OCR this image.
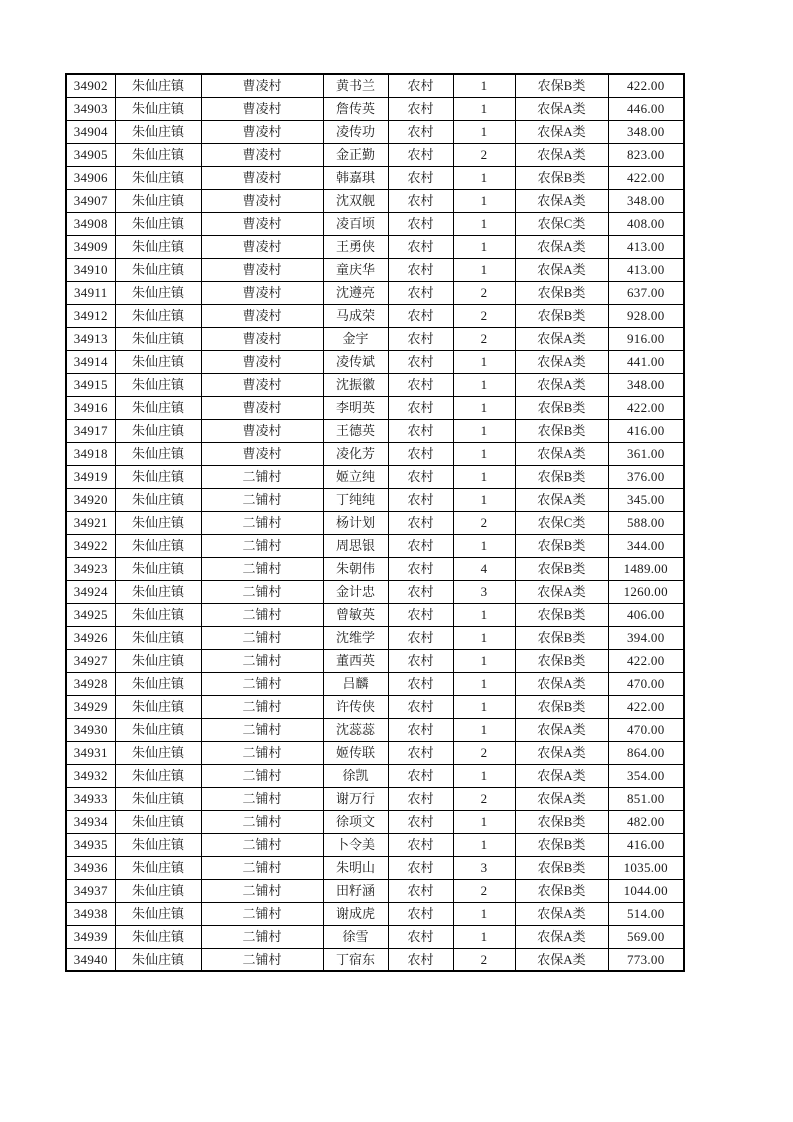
34902	朱仙庄镇	曹凌村	黄书兰	农村	1	农保B类	422.00
34903	朱仙庄镇	曹凌村	詹传英	农村	1	农保A类	446.00
34904	朱仙庄镇	曹凌村	凌传功	农村	1	农保A类	348.00
34905	朱仙庄镇	曹凌村	金正勤	农村	2	农保A类	823.00
34906	朱仙庄镇	曹凌村	韩嘉琪	农村	1	农保B类	422.00
34907	朱仙庄镇	曹凌村	沈双舰	农村	1	农保A类	348.00
34908	朱仙庄镇	曹凌村	凌百顷	农村	1	农保C类	408.00
34909	朱仙庄镇	曹凌村	王勇侠	农村	1	农保A类	413.00
34910	朱仙庄镇	曹凌村	童庆华	农村	1	农保A类	413.00
34911	朱仙庄镇	曹凌村	沈遵亮	农村	2	农保B类	637.00
34912	朱仙庄镇	曹凌村	马成荣	农村	2	农保B类	928.00
34913	朱仙庄镇	曹凌村	金宇	农村	2	农保A类	916.00
34914	朱仙庄镇	曹凌村	凌传斌	农村	1	农保A类	441.00
34915	朱仙庄镇	曹凌村	沈振徽	农村	1	农保A类	348.00
34916	朱仙庄镇	曹凌村	李明英	农村	1	农保B类	422.00
34917	朱仙庄镇	曹凌村	王德英	农村	1	农保B类	416.00
34918	朱仙庄镇	曹凌村	凌化芳	农村	1	农保A类	361.00
34919	朱仙庄镇	二铺村	姬立纯	农村	1	农保B类	376.00
34920	朱仙庄镇	二铺村	丁纯纯	农村	1	农保A类	345.00
34921	朱仙庄镇	二铺村	杨计划	农村	2	农保C类	588.00
34922	朱仙庄镇	二铺村	周思银	农村	1	农保B类	344.00
34923	朱仙庄镇	二铺村	朱朝伟	农村	4	农保B类	1489.00
34924	朱仙庄镇	二铺村	金计忠	农村	3	农保A类	1260.00
34925	朱仙庄镇	二铺村	曾敏英	农村	1	农保B类	406.00
34926	朱仙庄镇	二铺村	沈维学	农村	1	农保B类	394.00
34927	朱仙庄镇	二铺村	董西英	农村	1	农保B类	422.00
34928	朱仙庄镇	二铺村	吕麟	农村	1	农保A类	470.00
34929	朱仙庄镇	二铺村	许传侠	农村	1	农保B类	422.00
34930	朱仙庄镇	二铺村	沈蕊蕊	农村	1	农保A类	470.00
34931	朱仙庄镇	二铺村	姬传联	农村	2	农保A类	864.00
34932	朱仙庄镇	二铺村	徐凯	农村	1	农保A类	354.00
34933	朱仙庄镇	二铺村	谢万行	农村	2	农保A类	851.00
34934	朱仙庄镇	二铺村	徐项文	农村	1	农保B类	482.00
34935	朱仙庄镇	二铺村	卜令美	农村	1	农保B类	416.00
34936	朱仙庄镇	二铺村	朱明山	农村	3	农保B类	1035.00
34937	朱仙庄镇	二铺村	田籽涵	农村	2	农保B类	1044.00
34938	朱仙庄镇	二铺村	谢成虎	农村	1	农保A类	514.00
34939	朱仙庄镇	二铺村	徐雪	农村	1	农保A类	569.00
34940	朱仙庄镇	二铺村	丁宿东	农村	2	农保A类	773.00
